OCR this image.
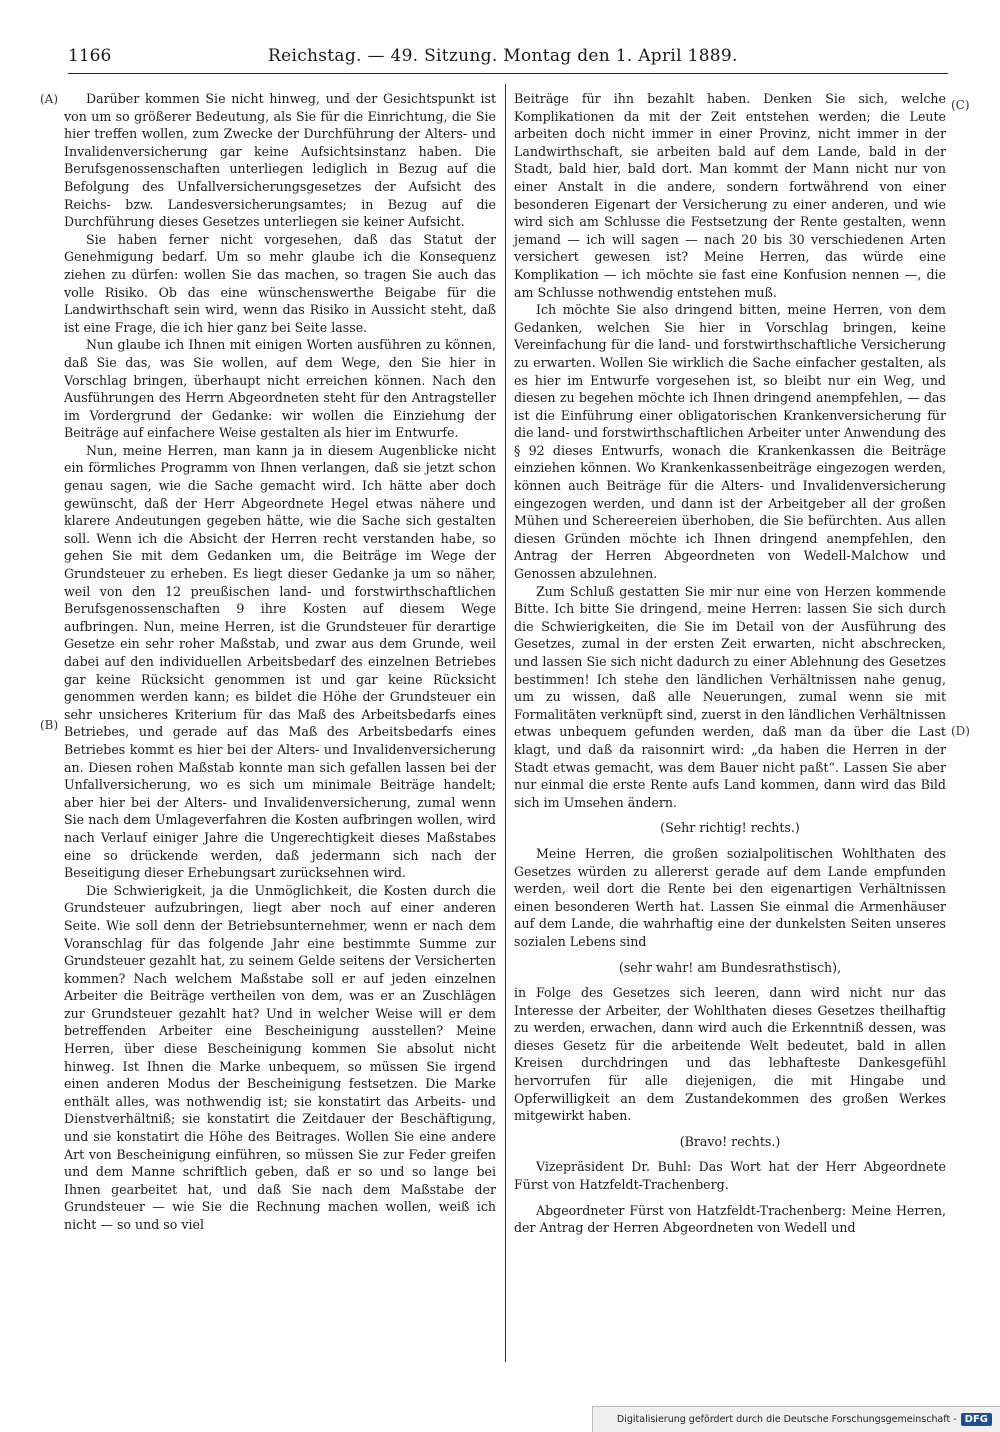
1166	Reichstag. — 49. Sitzung. Montag den 1. April 1889.
(A)
(B)
(C)
(D)

Darüber kommen Sie nicht hinweg, und der Gesichtspunkt ist von um so größerer Bedeutung, als Sie für die Einrichtung, die Sie hier treffen wollen, zum Zwecke der Durchführung der Alters- und Invalidenversicherung gar keine Aufsichtsinstanz haben. Die Berufsgenossenschaften unterliegen lediglich in Bezug auf die Befolgung des Unfallversicherungsgesetzes der Aufsicht des Reichs- bzw. Landesversicherungsamtes; in Bezug auf die Durchführung dieses Gesetzes unterliegen sie keiner Aufsicht.

Sie haben ferner nicht vorgesehen, daß das Statut der Genehmigung bedarf. Um so mehr glaube ich die Konsequenz ziehen zu dürfen: wollen Sie das machen, so tragen Sie auch das volle Risiko. Ob das eine wünschenswerthe Beigabe für die Landwirthschaft sein wird, wenn das Risiko in Aussicht steht, daß ist eine Frage, die ich hier ganz bei Seite lasse.

Nun glaube ich Ihnen mit einigen Worten ausführen zu können, daß Sie das, was Sie wollen, auf dem Wege, den Sie hier in Vorschlag bringen, überhaupt nicht erreichen können. Nach den Ausführungen des Herrn Abgeordneten steht für den Antragsteller im Vordergrund der Gedanke: wir wollen die Einziehung der Beiträge auf einfachere Weise gestalten als hier im Entwurfe.

Nun, meine Herren, man kann ja in diesem Augenblicke nicht ein förmliches Programm von Ihnen verlangen, daß sie jetzt schon genau sagen, wie die Sache gemacht wird. Ich hätte aber doch gewünscht, daß der Herr Abgeordnete Hegel etwas nähere und klarere Andeutungen gegeben hätte, wie die Sache sich gestalten soll. Wenn ich die Absicht der Herren recht verstanden habe, so gehen Sie mit dem Gedanken um, die Beiträge im Wege der Grundsteuer zu erheben. Es liegt dieser Gedanke ja um so näher, weil von den 12 preußischen land- und forstwirthschaftlichen Berufsgenossenschaften 9 ihre Kosten auf diesem Wege aufbringen. Nun, meine Herren, ist die Grundsteuer für derartige Gesetze ein sehr roher Maßstab, und zwar aus dem Grunde, weil dabei auf den individuellen Arbeitsbedarf des einzelnen Betriebes gar keine Rücksicht genommen ist und gar keine Rücksicht genommen werden kann; es bildet die Höhe der Grundsteuer ein sehr unsicheres Kriterium für das Maß des Arbeitsbedarfs eines Betriebes, und gerade auf das Maß des Arbeitsbedarfs eines Betriebes kommt es hier bei der Alters- und Invalidenversicherung an. Diesen rohen Maßstab konnte man sich gefallen lassen bei der Unfallversicherung, wo es sich um minimale Beiträge handelt; aber hier bei der Alters- und Invalidenversicherung, zumal wenn Sie nach dem Umlageverfahren die Kosten aufbringen wollen, wird nach Verlauf einiger Jahre die Ungerechtigkeit dieses Maßstabes eine so drückende werden, daß jedermann sich nach der Beseitigung dieser Erhebungsart zurücksehnen wird.

Die Schwierigkeit, ja die Unmöglichkeit, die Kosten durch die Grundsteuer aufzubringen, liegt aber noch auf einer anderen Seite. Wie soll denn der Betriebsunternehmer, wenn er nach dem Voranschlag für das folgende Jahr eine bestimmte Summe zur Grundsteuer gezahlt hat, zu seinem Gelde seitens der Versicherten kommen? Nach welchem Maßstabe soll er auf jeden einzelnen Arbeiter die Beiträge vertheilen von dem, was er an Zuschlägen zur Grundsteuer gezahlt hat? Und in welcher Weise will er dem betreffenden Arbeiter eine Bescheinigung ausstellen? Meine Herren, über diese Bescheinigung kommen Sie absolut nicht hinweg. Ist Ihnen die Marke unbequem, so müssen Sie irgend einen anderen Modus der Bescheinigung festsetzen. Die Marke enthält alles, was nothwendig ist; sie konstatirt das Arbeits- und Dienstverhältniß; sie konstatirt die Zeitdauer der Beschäftigung, und sie konstatirt die Höhe des Beitrages. Wollen Sie eine andere Art von Bescheinigung einführen, so müssen Sie zur Feder greifen und dem Manne schriftlich geben, daß er so und so lange bei Ihnen gearbeitet hat, und daß Sie nach dem Maßstabe der Grundsteuer — wie Sie die Rechnung machen wollen, weiß ich nicht — so und so viel

Beiträge für ihn bezahlt haben. Denken Sie sich, welche Komplikationen da mit der Zeit entstehen werden; die Leute arbeiten doch nicht immer in einer Provinz, nicht immer in der Landwirthschaft, sie arbeiten bald auf dem Lande, bald in der Stadt, bald hier, bald dort. Man kommt der Mann nicht nur von einer Anstalt in die andere, sondern fortwährend von einer besonderen Eigenart der Versicherung zu einer anderen, und wie wird sich am Schlusse die Festsetzung der Rente gestalten, wenn jemand — ich will sagen — nach 20 bis 30 verschiedenen Arten versichert gewesen ist? Meine Herren, das würde eine Komplikation — ich möchte sie fast eine Konfusion nennen —, die am Schlusse nothwendig entstehen muß.

Ich möchte Sie also dringend bitten, meine Herren, von dem Gedanken, welchen Sie hier in Vorschlag bringen, keine Vereinfachung für die land- und forstwirthschaftliche Versicherung zu erwarten. Wollen Sie wirklich die Sache einfacher gestalten, als es hier im Entwurfe vorgesehen ist, so bleibt nur ein Weg, und diesen zu begehen möchte ich Ihnen dringend anempfehlen, — das ist die Einführung einer obligatorischen Krankenversicherung für die land- und forstwirthschaftlichen Arbeiter unter Anwendung des § 92 dieses Entwurfs, wonach die Krankenkassen die Beiträge einziehen können. Wo Krankenkassenbeiträge eingezogen werden, können auch Beiträge für die Alters- und Invalidenversicherung eingezogen werden, und dann ist der Arbeitgeber all der großen Mühen und Schereereien überhoben, die Sie befürchten. Aus allen diesen Gründen möchte ich Ihnen dringend anempfehlen, den Antrag der Herren Abgeordneten von Wedell-Malchow und Genossen abzulehnen.

Zum Schluß gestatten Sie mir nur eine von Herzen kommende Bitte. Ich bitte Sie dringend, meine Herren: lassen Sie sich durch die Schwierigkeiten, die Sie im Detail von der Ausführung des Gesetzes, zumal in der ersten Zeit erwarten, nicht abschrecken, und lassen Sie sich nicht dadurch zu einer Ablehnung des Gesetzes bestimmen! Ich stehe den ländlichen Verhältnissen nahe genug, um zu wissen, daß alle Neuerungen, zumal wenn sie mit Formalitäten verknüpft sind, zuerst in den ländlichen Verhältnissen etwas unbequem gefunden werden, daß man da über die Last klagt, und daß da raisonnirt wird: „da haben die Herren in der Stadt etwas gemacht, was dem Bauer nicht paßt“. Lassen Sie aber nur einmal die erste Rente aufs Land kommen, dann wird das Bild sich im Umsehen ändern.

(Sehr richtig! rechts.)

Meine Herren, die großen sozialpolitischen Wohlthaten des Gesetzes würden zu allererst gerade auf dem Lande empfunden werden, weil dort die Rente bei den eigenartigen Verhältnissen einen besonderen Werth hat. Lassen Sie einmal die Armenhäuser auf dem Lande, die wahrhaftig eine der dunkelsten Seiten unseres sozialen Lebens sind

(sehr wahr! am Bundesrathstisch),

in Folge des Gesetzes sich leeren, dann wird nicht nur das Interesse der Arbeiter, der Wohlthaten dieses Gesetzes theilhaftig zu werden, erwachen, dann wird auch die Erkenntniß dessen, was dieses Gesetz für die arbeitende Welt bedeutet, bald in allen Kreisen durchdringen und das lebhafteste Dankesgefühl hervorrufen für alle diejenigen, die mit Hingabe und Opferwilligkeit an dem Zustandekommen des großen Werkes mitgewirkt haben.

(Bravo! rechts.)

Vizepräsident Dr. Buhl: Das Wort hat der Herr Abgeordnete Fürst von Hatzfeldt-Trachenberg.

Abgeordneter Fürst von Hatzfeldt-Trachenberg: Meine Herren, der Antrag der Herren Abgeordneten von Wedell und

Digitalisierung gefördert durch die Deutsche Forschungsgemeinschaft - DFG
